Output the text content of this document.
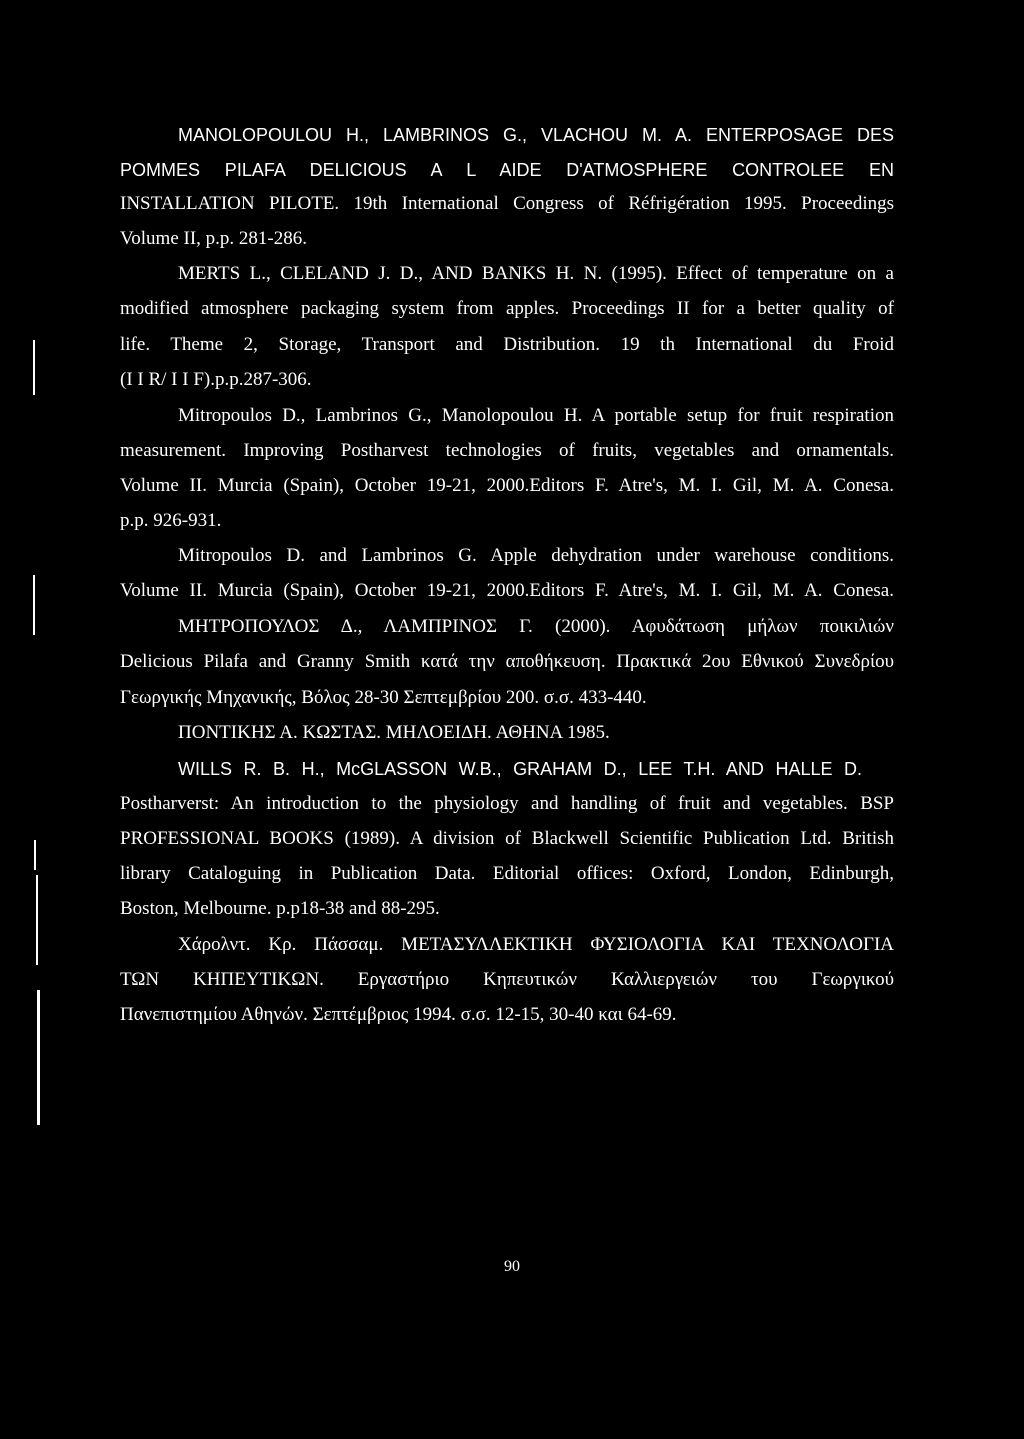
MANOLOPOULOU H., LAMBRINOS G., VLACHOU M. A. ENTERPOSAGE DES
POMMES PILAFA DELICIOUS A L AIDE D'ATMOSPHERE CONTROLEE EN
INSTALLATION PILOTE. 19th International Congress of Réfrigération 1995. Proceedings
Volume II, p.p. 281-286.
MERTS L., CLELAND J. D., AND BANKS H. N. (1995). Effect of temperature on a
modified atmosphere packaging system from apples. Proceedings II for a better quality of
life. Theme 2, Storage, Transport and Distribution. 19 th International du Froid
(I I R/ I I F).p.p.287-306.
Mitropoulos D., Lambrinos G., Manolopoulou H. A portable setup for fruit respiration
measurement. Improving Postharvest technologies of fruits, vegetables and ornamentals.
Volume II. Murcia (Spain), October 19-21, 2000.Editors F. Atre's, M. I. Gil, M. A. Conesa.
p.p. 926-931.
Mitropoulos D. and Lambrinos G. Apple dehydration under warehouse conditions.
Volume II. Murcia (Spain), October 19-21, 2000.Editors F. Atre's, M. I. Gil, M. A. Conesa.
ΜΗΤΡΟΠΟΥΛΟΣ Δ., ΛΑΜΠΡΙΝΟΣ Γ. (2000). Αφυδάτωση μήλων ποικιλιών
Delicious Pilafa and Granny Smith κατά την αποθήκευση. Πρακτικά 2ου Εθνικού Συνεδρίου
Γεωργικής Μηχανικής, Βόλος 28-30 Σεπτεμβρίου 200. σ.σ. 433-440.
ΠΟΝΤΙΚΗΣ Α. ΚΩΣΤΑΣ. ΜΗΛΟΕΙΔΗ. ΑΘΗΝΑ 1985.
WILLS R. B. H., McGLASSON W.B., GRAHAM D., LEE T.H. AND HALLE D.
Postharverst: An introduction to the physiology and handling of fruit and vegetables. BSP
PROFESSIONAL BOOKS (1989). A division of Blackwell Scientific Publication Ltd. British
library Cataloguing in Publication Data. Editorial offices: Oxford, London, Edinburgh,
Boston, Melbourne. p.p18-38 and 88-295.
Χάρολντ. Κρ. Πάσσαμ. ΜΕΤΑΣΥΛΛΕΚΤΙΚΗ ΦΥΣΙΟΛΟΓΙΑ ΚΑΙ ΤΕΧΝΟΛΟΓΙΑ
ΤΩΝ ΚΗΠΕΥΤΙΚΩΝ. Εργαστήριο Κηπευτικών Καλλιεργειών του Γεωργικού
Πανεπιστημίου Αθηνών. Σεπτέμβριος 1994. σ.σ. 12-15, 30-40 και 64-69.
90
